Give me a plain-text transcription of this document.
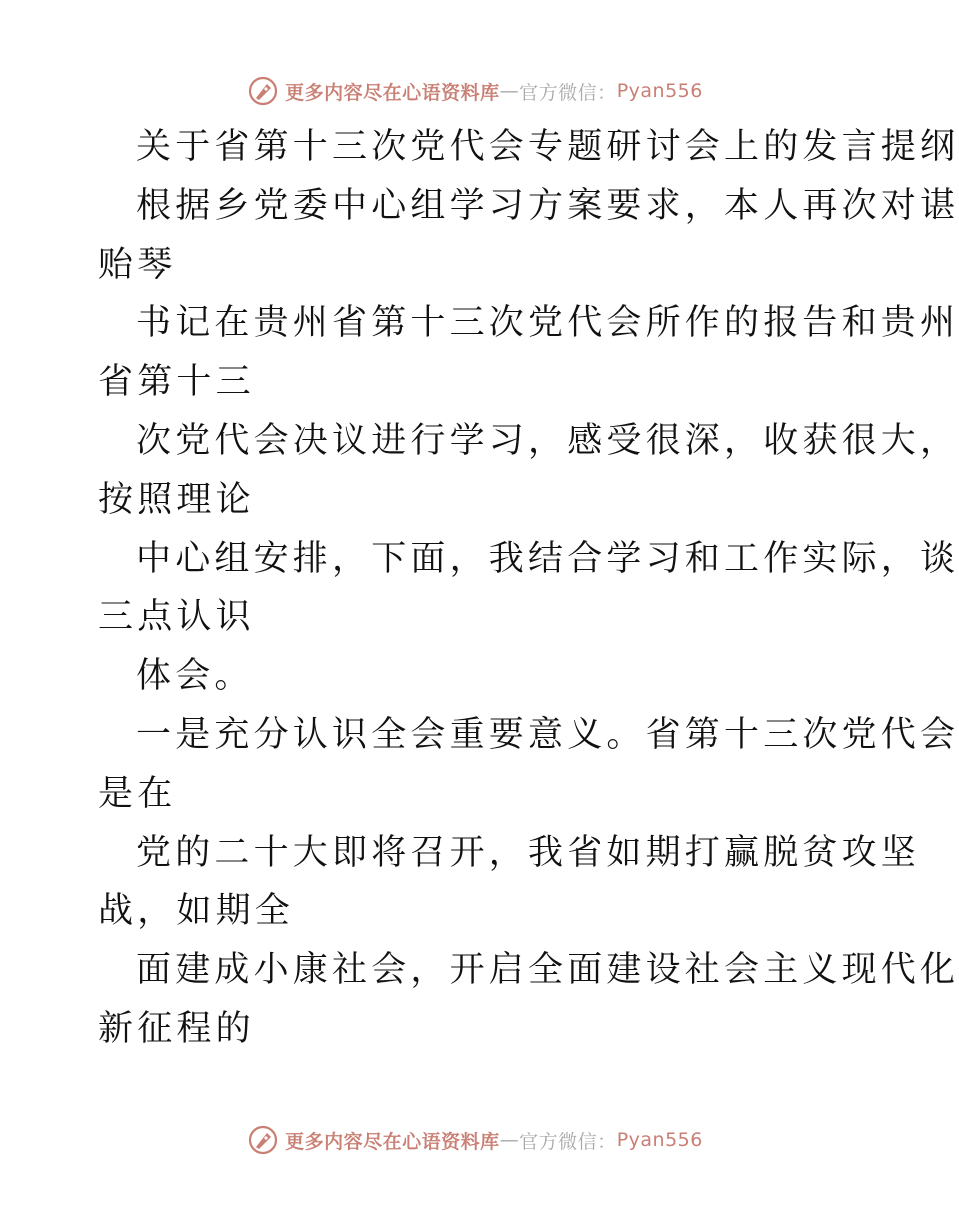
更多内容尽在心语资料库 — 官方微信： Pyan556
关于省第十三次党代会专题研讨会上的发言提纲
根据乡党委中心组学习方案要求，本人再次对谌
贻琴
书记在贵州省第十三次党代会所作的报告和贵州
省第十三
次党代会决议进行学习，感受很深，收获很大，
按照理论
中心组安排，下面，我结合学习和工作实际，谈
三点认识
体会。
一是充分认识全会重要意义。省第十三次党代会
是在
党的二十大即将召开，我省如期打赢脱贫攻坚
战，如期全
面建成小康社会，开启全面建设社会主义现代化
新征程的
更多内容尽在心语资料库 — 官方微信： Pyan556
